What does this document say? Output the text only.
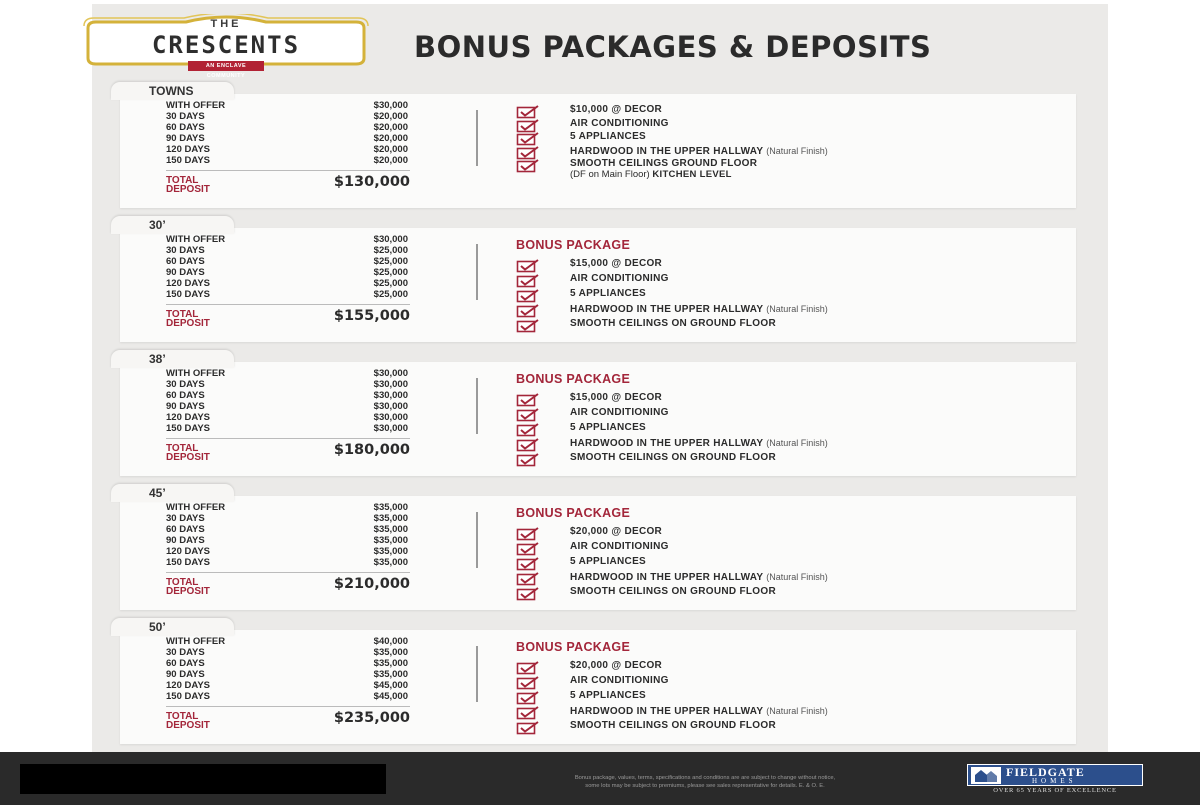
THE
CRESCENTS
AN ENCLAVE COMMUNITY
BONUS PACKAGES & DEPOSITS
WITH OFFER	$30,000
30 DAYS	$20,000
60 DAYS	$20,000
90 DAYS	$20,000
120 DAYS	$20,000
150 DAYS	$20,000
TOTAL
DEPOSIT	$130,000
$10,000 @ DECOR
AIR CONDITIONING
5 APPLIANCES
HARDWOOD IN THE UPPER HALLWAY (Natural Finish)
SMOOTH CEILINGS GROUND FLOOR
(DF on Main Floor) KITCHEN LEVEL
TOWNS
WITH OFFER	$30,000
30 DAYS	$25,000
60 DAYS	$25,000
90 DAYS	$25,000
120 DAYS	$25,000
150 DAYS	$25,000
TOTAL
DEPOSIT	$155,000
BONUS PACKAGE
$15,000 @ DECOR
AIR CONDITIONING
5 APPLIANCES
HARDWOOD IN THE UPPER HALLWAY (Natural Finish)
SMOOTH CEILINGS ON GROUND FLOOR
30’
WITH OFFER	$30,000
30 DAYS	$30,000
60 DAYS	$30,000
90 DAYS	$30,000
120 DAYS	$30,000
150 DAYS	$30,000
TOTAL
DEPOSIT	$180,000
BONUS PACKAGE
$15,000 @ DECOR
AIR CONDITIONING
5 APPLIANCES
HARDWOOD IN THE UPPER HALLWAY (Natural Finish)
SMOOTH CEILINGS ON GROUND FLOOR
38’
WITH OFFER	$35,000
30 DAYS	$35,000
60 DAYS	$35,000
90 DAYS	$35,000
120 DAYS	$35,000
150 DAYS	$35,000
TOTAL
DEPOSIT	$210,000
BONUS PACKAGE
$20,000 @ DECOR
AIR CONDITIONING
5 APPLIANCES
HARDWOOD IN THE UPPER HALLWAY (Natural Finish)
SMOOTH CEILINGS ON GROUND FLOOR
45’
WITH OFFER	$40,000
30 DAYS	$35,000
60 DAYS	$35,000
90 DAYS	$35,000
120 DAYS	$45,000
150 DAYS	$45,000
TOTAL
DEPOSIT	$235,000
BONUS PACKAGE
$20,000 @ DECOR
AIR CONDITIONING
5 APPLIANCES
HARDWOOD IN THE UPPER HALLWAY (Natural Finish)
SMOOTH CEILINGS ON GROUND FLOOR
50’
Bonus package, values, terms, specifications and conditions are are subject to change without notice,
some lots may be subject to premiums, please see sales representative for details. E. & O. E.
FIELDGATE
HOMES
OVER 65 YEARS OF EXCELLENCE
